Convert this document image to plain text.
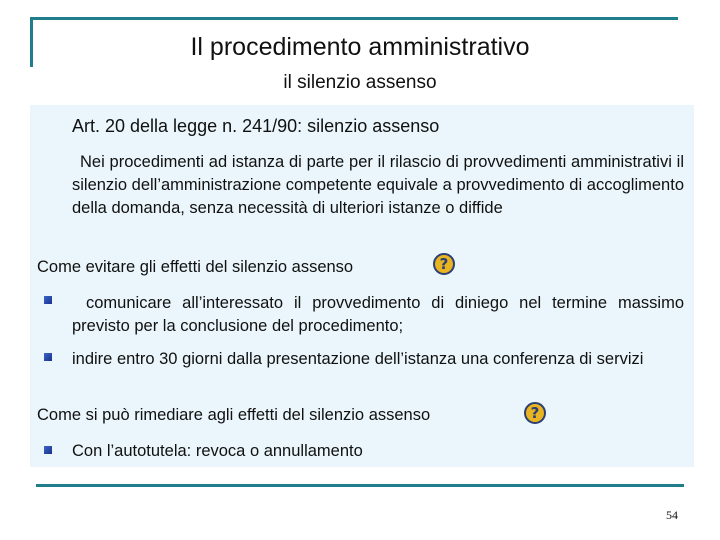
Il procedimento amministrativo
il silenzio assenso
Art. 20 della legge n. 241/90: silenzio assenso
Nei procedimenti ad istanza di parte per il rilascio di provvedimenti amministrativi il silenzio dell’amministrazione competente equivale a provvedimento di accoglimento della domanda, senza necessità di ulteriori istanze o diffide
Come evitare gli effetti del silenzio assenso	?
comunicare all’interessato il provvedimento di diniego nel termine massimo previsto per la conclusione del procedimento;
indire entro 30 giorni dalla presentazione dell’istanza una conferenza di servizi
Come si può rimediare agli effetti del silenzio assenso	?
Con l’autotutela: revoca o annullamento
54
